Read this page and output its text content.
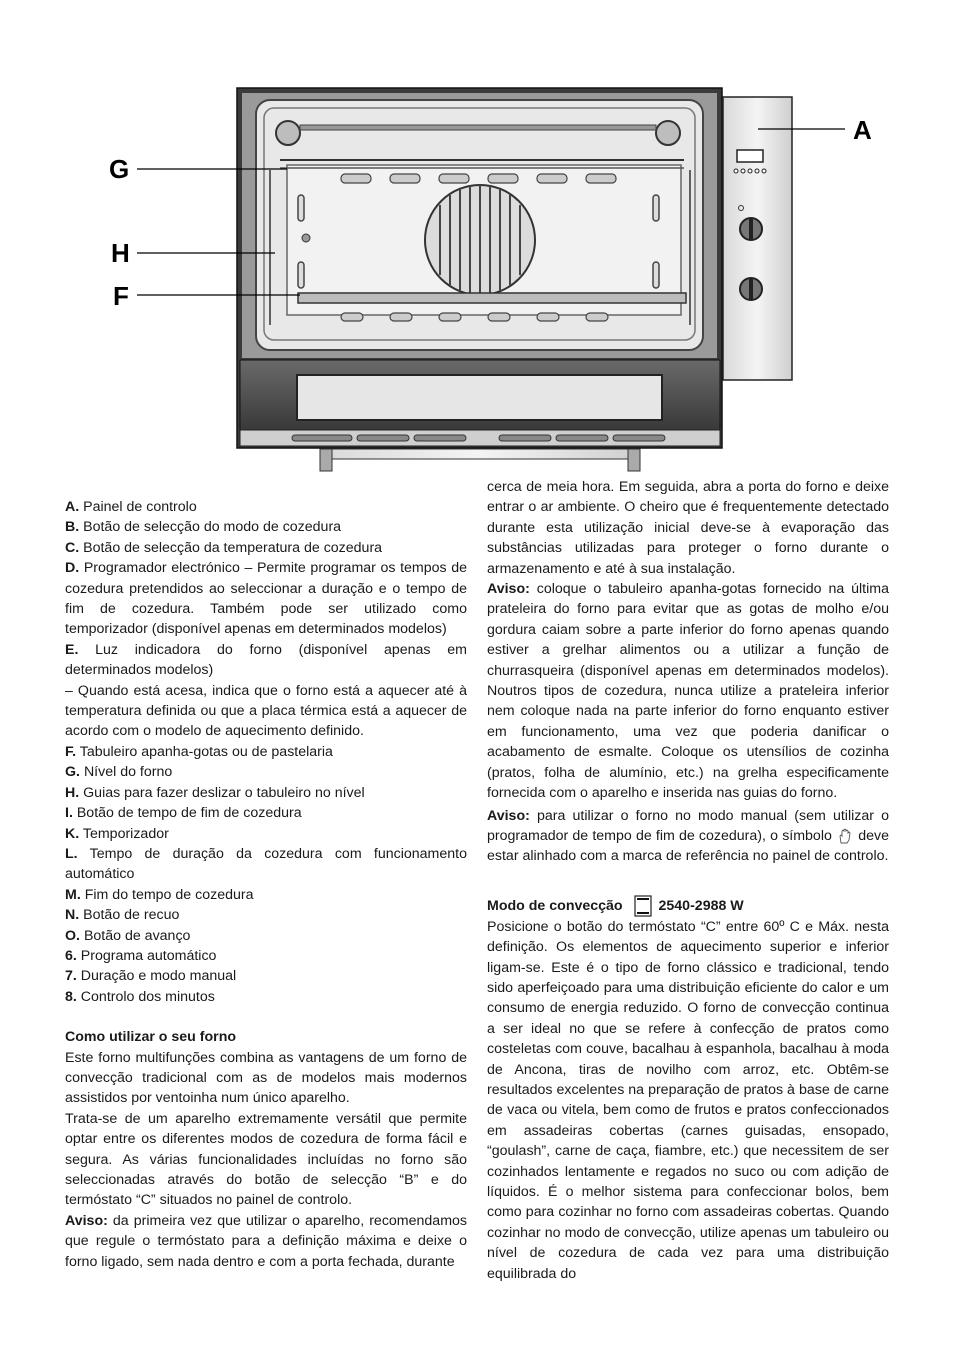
A
G
H
F

A. Painel de controlo

B. Botão de selecção do modo de cozedura

C. Botão de selecção da temperatura de cozedura

D. Programador electrónico – Permite programar os tempos de cozedura pretendidos ao seleccionar a duração e o tempo de fim de cozedura. Também pode ser utilizado como temporizador (disponível apenas em determinados modelos)

E. Luz indicadora do forno (disponível apenas em determinados modelos)

– Quando está acesa, indica que o forno está a aquecer até à temperatura definida ou que a placa térmica está a aquecer de acordo com o modelo de aquecimento definido.

F. Tabuleiro apanha-gotas ou de pastelaria

G. Nível do forno

H. Guias para fazer deslizar o tabuleiro no nível

I. Botão de tempo de fim de cozedura

K. Temporizador

L. Tempo de duração da cozedura com funcionamento automático

M. Fim do tempo de cozedura

N. Botão de recuo

O. Botão de avanço

6. Programa automático

7. Duração e modo manual

8. Controlo dos minutos

Como utilizar o seu forno

Este forno multifunções combina as vantagens de um forno de convecção tradicional com as de modelos mais modernos assistidos por ventoinha num único aparelho.

Trata-se de um aparelho extremamente versátil que permite optar entre os diferentes modos de cozedura de forma fácil e segura. As várias funcionalidades incluídas no forno são seleccionadas através do botão de selecção “B” e do termóstato “C” situados no painel de controlo.

Aviso: da primeira vez que utilizar o aparelho, recomendamos que regule o termóstato para a definição máxima e deixe o forno ligado, sem nada dentro e com a porta fechada, durante

cerca de meia hora. Em seguida, abra a porta do forno e deixe entrar o ar ambiente. O cheiro que é frequentemente detectado durante esta utilização inicial deve-se à evaporação das substâncias utilizadas para proteger o forno durante o armazenamento e até à sua instalação.

Aviso: coloque o tabuleiro apanha-gotas fornecido na última prateleira do forno para evitar que as gotas de molho e/ou gordura caiam sobre a parte inferior do forno apenas quando estiver a grelhar alimentos ou a utilizar a função de churrasqueira (disponível apenas em determinados modelos). Noutros tipos de cozedura, nunca utilize a prateleira inferior nem coloque nada na parte inferior do forno enquanto estiver em funcionamento, uma vez que poderia danificar o acabamento de esmalte. Coloque os utensílios de cozinha (pratos, folha de alumínio, etc.) na grelha especificamente fornecida com o aparelho e inserida nas guias do forno.

Aviso: para utilizar o forno no modo manual (sem utilizar o programador de tempo de fim de cozedura), o símbolo deve estar alinhado com a marca de referência no painel de controlo.

Modo de convecção	2540-2988 W

Posicione o botão do termóstato “C” entre 60º C e Máx. nesta definição. Os elementos de aquecimento superior e inferior ligam-se. Este é o tipo de forno clássico e tradicional, tendo sido aperfeiçoado para uma distribuição eficiente do calor e um consumo de energia reduzido. O forno de convecção continua a ser ideal no que se refere à confecção de pratos como costeletas com couve, bacalhau à espanhola, bacalhau à moda de Ancona, tiras de novilho com arroz, etc. Obtêm-se resultados excelentes na preparação de pratos à base de carne de vaca ou vitela, bem como de frutos e pratos confeccionados em assadeiras cobertas (carnes guisadas, ensopado, “goulash”, carne de caça, fiambre, etc.) que necessitem de ser cozinhados lentamente e regados no suco ou com adição de líquidos. É o melhor sistema para confeccionar bolos, bem como para cozinhar no forno com assadeiras cobertas. Quando cozinhar no modo de convecção, utilize apenas um tabuleiro ou nível de cozedura de cada vez para uma distribuição equilibrada do
